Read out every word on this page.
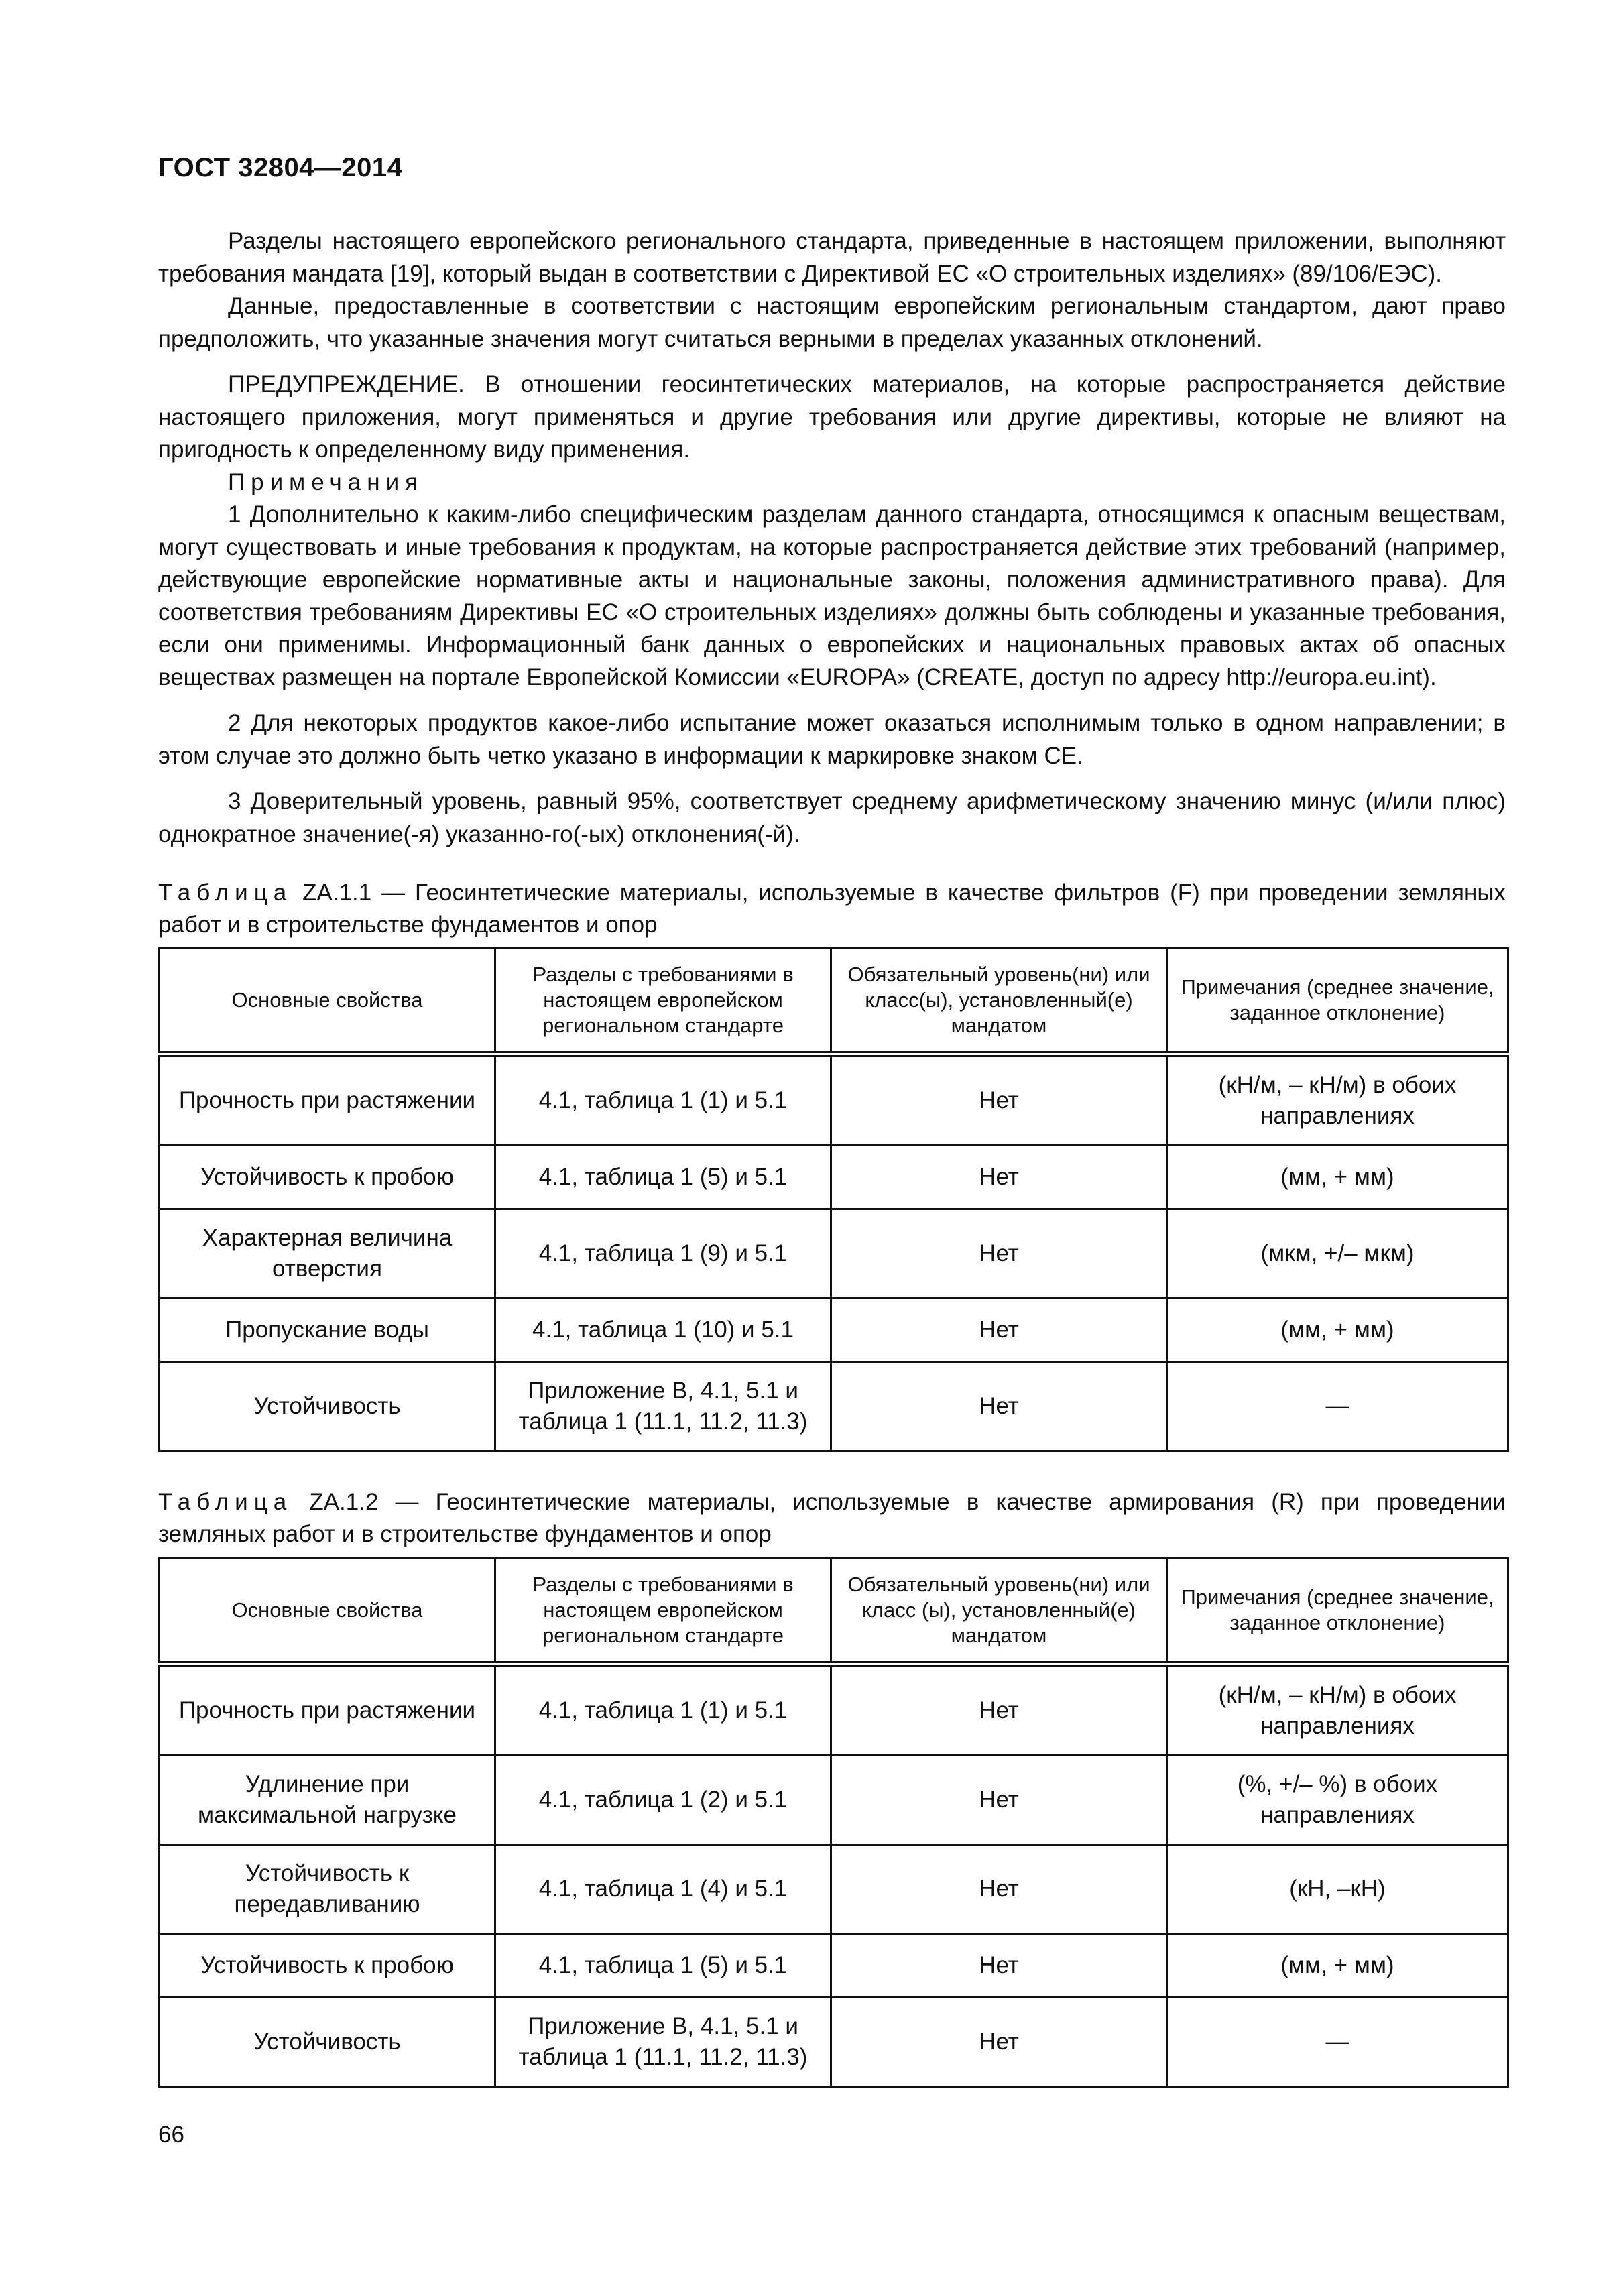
ГОСТ 32804—2014

Разделы настоящего европейского регионального стандарта, приведенные в настоящем приложении, выполняют требования мандата [19], который выдан в соответствии с Директивой ЕС «О строительных изделиях» (89/106/ЕЭС).

Данные, предоставленные в соответствии с настоящим европейским региональным стандартом, дают право предположить, что указанные значения могут считаться верными в пределах указанных отклонений.

ПРЕДУПРЕЖДЕНИЕ. В отношении геосинтетических материалов, на которые распространяется действие настоящего приложения, могут применяться и другие требования или другие директивы, которые не влияют на пригодность к определенному виду применения.

Примечания

1 Дополнительно к каким-либо специфическим разделам данного стандарта, относящимся к опасным веществам, могут существовать и иные требования к продуктам, на которые распространяется действие этих требований (например, действующие европейские нормативные акты и национальные законы, положения административного права). Для соответствия требованиям Директивы ЕС «О строительных изделиях» должны быть соблюдены и указанные требования, если они применимы. Информационный банк данных о европейских и национальных правовых актах об опасных веществах размещен на портале Европейской Комиссии «EUROPA» (CREATE, доступ по адресу http://europa.eu.int).

2 Для некоторых продуктов какое-либо испытание может оказаться исполнимым только в одном направлении; в этом случае это должно быть четко указано в информации к маркировке знаком СЕ.

3 Доверительный уровень, равный 95%, соответствует среднему арифметическому значению минус (и/или плюс) однократное значение(-я) указанно-го(-ых) отклонения(-й).

Таблица ZA.1.1 — Геосинтетические материалы, используемые в качестве фильтров (F) при проведении земляных работ и в строительстве фундаментов и опор
Основные свойства	Разделы с требованиями в настоящем европейском региональном стандарте	Обязательный уровень(ни) или класс(ы), установленный(е) мандатом	Примечания (среднее значение, заданное отклонение)
Прочность при растяжении	4.1, таблица 1 (1) и 5.1	Нет	(кН/м, – кН/м) в обоих направлениях
Устойчивость к пробою	4.1, таблица 1 (5) и 5.1	Нет	(мм, + мм)
Характерная величина отверстия	4.1, таблица 1 (9) и 5.1	Нет	(мкм, +/– мкм)
Пропускание воды	4.1, таблица 1 (10) и 5.1	Нет	(мм, + мм)
Устойчивость	Приложение В, 4.1, 5.1 и таблица 1 (11.1, 11.2, 11.3)	Нет	—
Таблица ZA.1.2 — Геосинтетические материалы, используемые в качестве армирования (R) при проведении земляных работ и в строительстве фундаментов и опор
Основные свойства	Разделы с требованиями в настоящем европейском региональном стандарте	Обязательный уровень(ни) или класс (ы), установленный(е) мандатом	Примечания (среднее значение, заданное отклонение)
Прочность при растяжении	4.1, таблица 1 (1) и 5.1	Нет	(кН/м, – кН/м) в обоих направлениях
Удлинение при максимальной нагрузке	4.1, таблица 1 (2) и 5.1	Нет	(%, +/– %) в обоих направлениях
Устойчивость к передавливанию	4.1, таблица 1 (4) и 5.1	Нет	(кН, –кН)
Устойчивость к пробою	4.1, таблица 1 (5) и 5.1	Нет	(мм, + мм)
Устойчивость	Приложение В, 4.1, 5.1 и таблица 1 (11.1, 11.2, 11.3)	Нет	—
66
